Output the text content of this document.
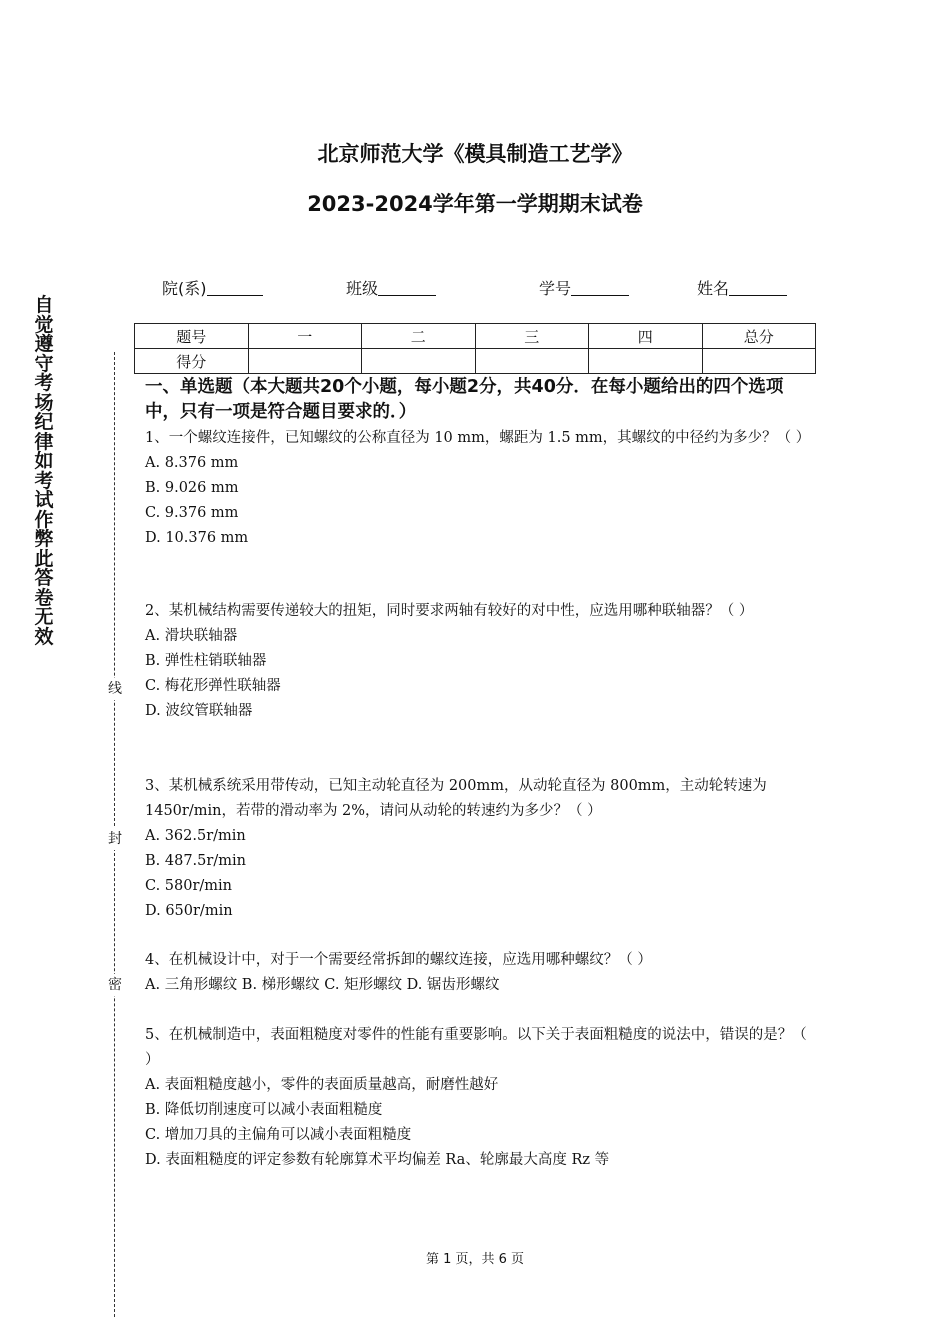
北京师范大学《模具制造工艺学》
2023-2024学年第一学期期末试卷
院(系)	班级	学号	姓名
题号	一	二	三	四	总分
得分					
自觉遵守考场纪律如考试作弊此答卷无效
线
封
密
一、单选题（本大题共20个小题，每小题2分，共40分．在每小题给出的四个选项中，只有一项是符合题目要求的．）
1、一个螺纹连接件，已知螺纹的公称直径为 10 mm，螺距为 1.5 mm，其螺纹的中径约为多少？（ ）
A. 8.376 mm
B. 9.026 mm
C. 9.376 mm
D. 10.376 mm
2、某机械结构需要传递较大的扭矩，同时要求两轴有较好的对中性，应选用哪种联轴器？（ ）
A. 滑块联轴器
B. 弹性柱销联轴器
C. 梅花形弹性联轴器
D. 波纹管联轴器
3、某机械系统采用带传动，已知主动轮直径为 200mm，从动轮直径为 800mm，主动轮转速为 1450r/min，若带的滑动率为 2%，请问从动轮的转速约为多少？（ ）
A. 362.5r/min
B. 487.5r/min
C. 580r/min
D. 650r/min
4、在机械设计中，对于一个需要经常拆卸的螺纹连接，应选用哪种螺纹？（ ）
A. 三角形螺纹 B. 梯形螺纹 C. 矩形螺纹 D. 锯齿形螺纹
5、在机械制造中，表面粗糙度对零件的性能有重要影响。以下关于表面粗糙度的说法中，错误的是？（ ）
A. 表面粗糙度越小，零件的表面质量越高，耐磨性越好
B. 降低切削速度可以减小表面粗糙度
C. 增加刀具的主偏角可以减小表面粗糙度
D. 表面粗糙度的评定参数有轮廓算术平均偏差 Ra、轮廓最大高度 Rz 等
第 1 页，共 6 页
